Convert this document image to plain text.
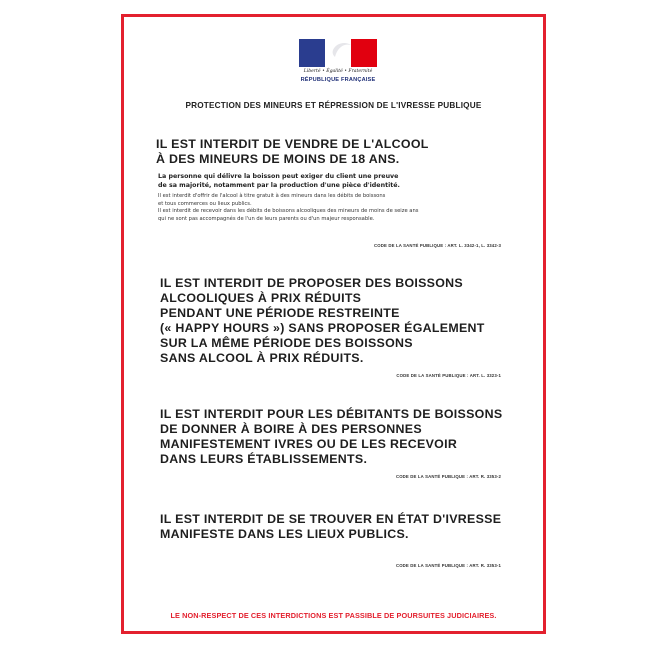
Liberté • Égalité • Fraternité
RÉPUBLIQUE FRANÇAISE
PROTECTION DES MINEURS ET RÉPRESSION DE L'IVRESSE PUBLIQUE
IL EST INTERDIT DE VENDRE DE L'ALCOOL
À DES MINEURS DE MOINS DE 18 ANS.
La personne qui délivre la boisson peut exiger du client une preuve
de sa majorité, notamment par la production d'une pièce d'identité.
Il est interdit d'offrir de l'alcool à titre gratuit à des mineurs dans les débits de boissons
et tous commerces ou lieux publics.
Il est interdit de recevoir dans les débits de boissons alcooliques des mineurs de moins de seize ans
qui ne sont pas accompagnés de l'un de leurs parents ou d'un majeur responsable.
CODE DE LA SANTÉ PUBLIQUE : ART. L. 3342-1, L. 3342-3
IL EST INTERDIT DE PROPOSER DES BOISSONS
ALCOOLIQUES À PRIX RÉDUITS
PENDANT UNE PÉRIODE RESTREINTE
(« HAPPY HOURS ») SANS PROPOSER ÉGALEMENT
SUR LA MÊME PÉRIODE DES BOISSONS
SANS ALCOOL À PRIX RÉDUITS.
CODE DE LA SANTÉ PUBLIQUE : ART. L. 3323-1
IL EST INTERDIT POUR LES DÉBITANTS DE BOISSONS
DE DONNER À BOIRE À DES PERSONNES
MANIFESTEMENT IVRES OU DE LES RECEVOIR
DANS LEURS ÉTABLISSEMENTS.
CODE DE LA SANTÉ PUBLIQUE : ART. R. 3353-2
IL EST INTERDIT DE SE TROUVER EN ÉTAT D'IVRESSE
MANIFESTE DANS LES LIEUX PUBLICS.
CODE DE LA SANTÉ PUBLIQUE : ART. R. 3353-1
LE NON-RESPECT DE CES INTERDICTIONS EST PASSIBLE DE POURSUITES JUDICIAIRES.
